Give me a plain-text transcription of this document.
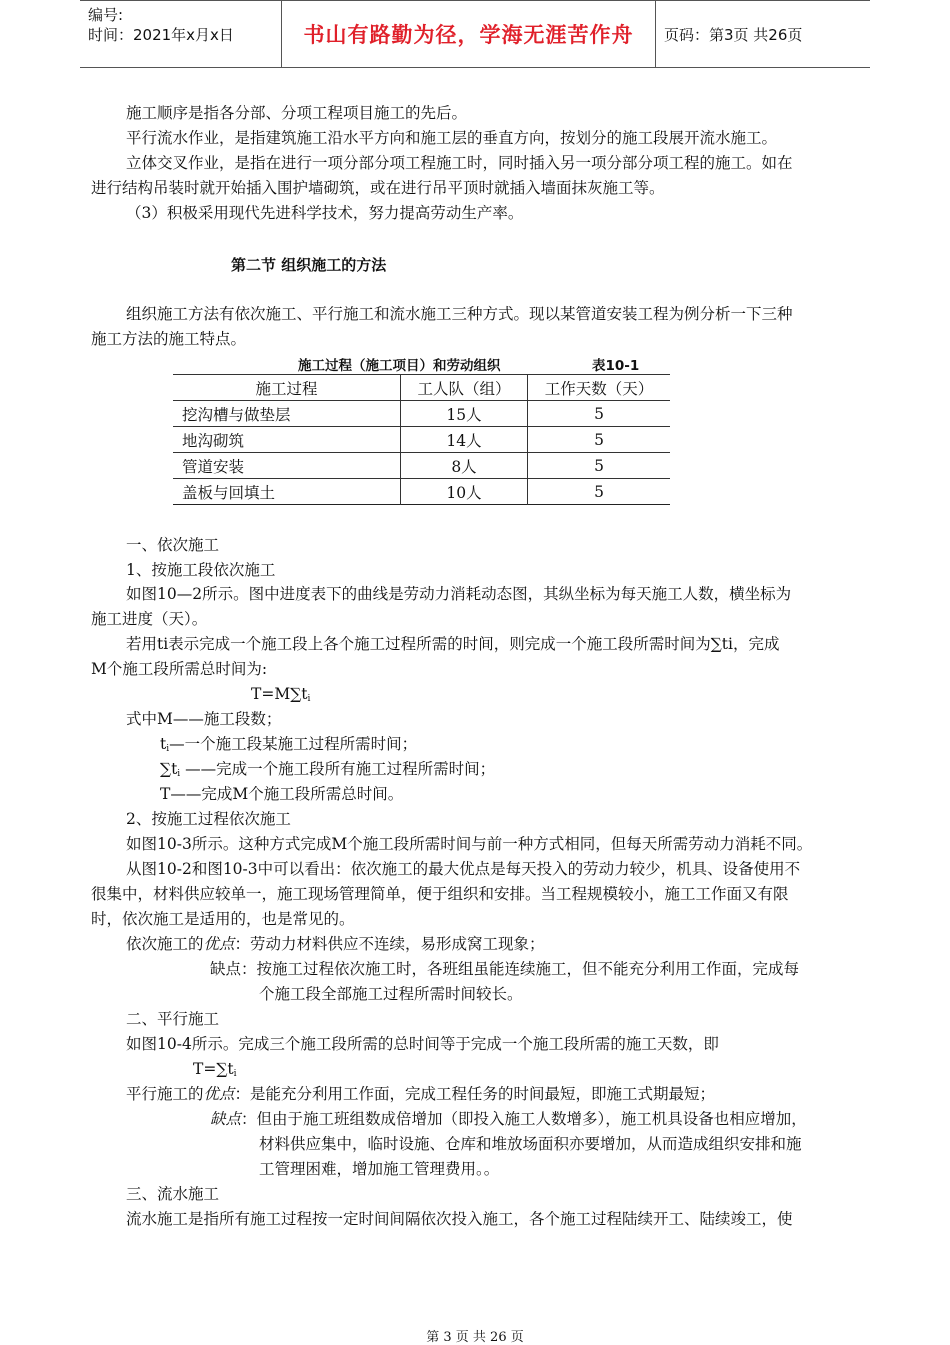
编号:
时间：2021年x月x日	书山有路勤为径，学海无涯苦作舟	页码：第3页 共26页
施工顺序是指各分部、分项工程项目施工的先后。
平行流水作业，是指建筑施工沿水平方向和施工层的垂直方向，按划分的施工段展开流水施工。
立体交叉作业，是指在进行一项分部分项工程施工时，同时插入另一项分部分项工程的施工。如在
进行结构吊装时就开始插入围护墙砌筑，或在进行吊平顶时就插入墙面抹灰施工等。
（3）积极采用现代先进科学技术，努力提高劳动生产率。
第二节 组织施工的方法
组织施工方法有依次施工、平行施工和流水施工三种方式。现以某管道安装工程为例分析一下三种
施工方法的施工特点。
施工过程（施工项目）和劳动组织	表10-1
施工过程	工人队（组）	工作天数（天）
挖沟槽与做垫层	15人	5
地沟砌筑	14人	5
管道安装	8人	5
盖板与回填土	10人	5
一、依次施工
1、按施工段依次施工
如图10—2所示。图中进度表下的曲线是劳动力消耗动态图，其纵坐标为每天施工人数，横坐标为
施工进度（天）。
若用ti表示完成一个施工段上各个施工过程所需的时间，则完成一个施工段所需时间为∑ti，完成
M个施工段所需总时间为:
$T=M\sum t_i$
式中M——施工段数；
$t_i—$一个施工段某施工过程所需时间；
$\sum t_i$ ——完成一个施工段所有施工过程所需时间；
T——完成M个施工段所需总时间。
2、按施工过程依次施工
如图10-3所示。这种方式完成M个施工段所需时间与前一种方式相同，但每天所需劳动力消耗不同。
从图10-2和图10-3中可以看出：依次施工的最大优点是每天投入的劳动力较少，机具、设备使用不
很集中，材料供应较单一，施工现场管理简单，便于组织和安排。当工程规模较小，施工工作面又有限
时，依次施工是适用的，也是常见的。
依次施工的优点：劳动力材料供应不连续，易形成窝工现象；
缺点：按施工过程依次施工时，各班组虽能连续施工，但不能充分利用工作面，完成每
个施工段全部施工过程所需时间较长。
二、平行施工
如图10-4所示。完成三个施工段所需的总时间等于完成一个施工段所需的施工天数，即
$T=\sum t_i$
平行施工的优点：是能充分利用工作面，完成工程任务的时间最短，即施工式期最短；
缺点：但由于施工班组数成倍增加（即投入施工人数增多），施工机具设备也相应增加，
材料供应集中，临时设施、仓库和堆放场面积亦要增加，从而造成组织安排和施
工管理困难，增加施工管理费用。。
三、流水施工
流水施工是指所有施工过程按一定时间间隔依次投入施工，各个施工过程陆续开工、陆续竣工，使
第 3 页 共 26 页
